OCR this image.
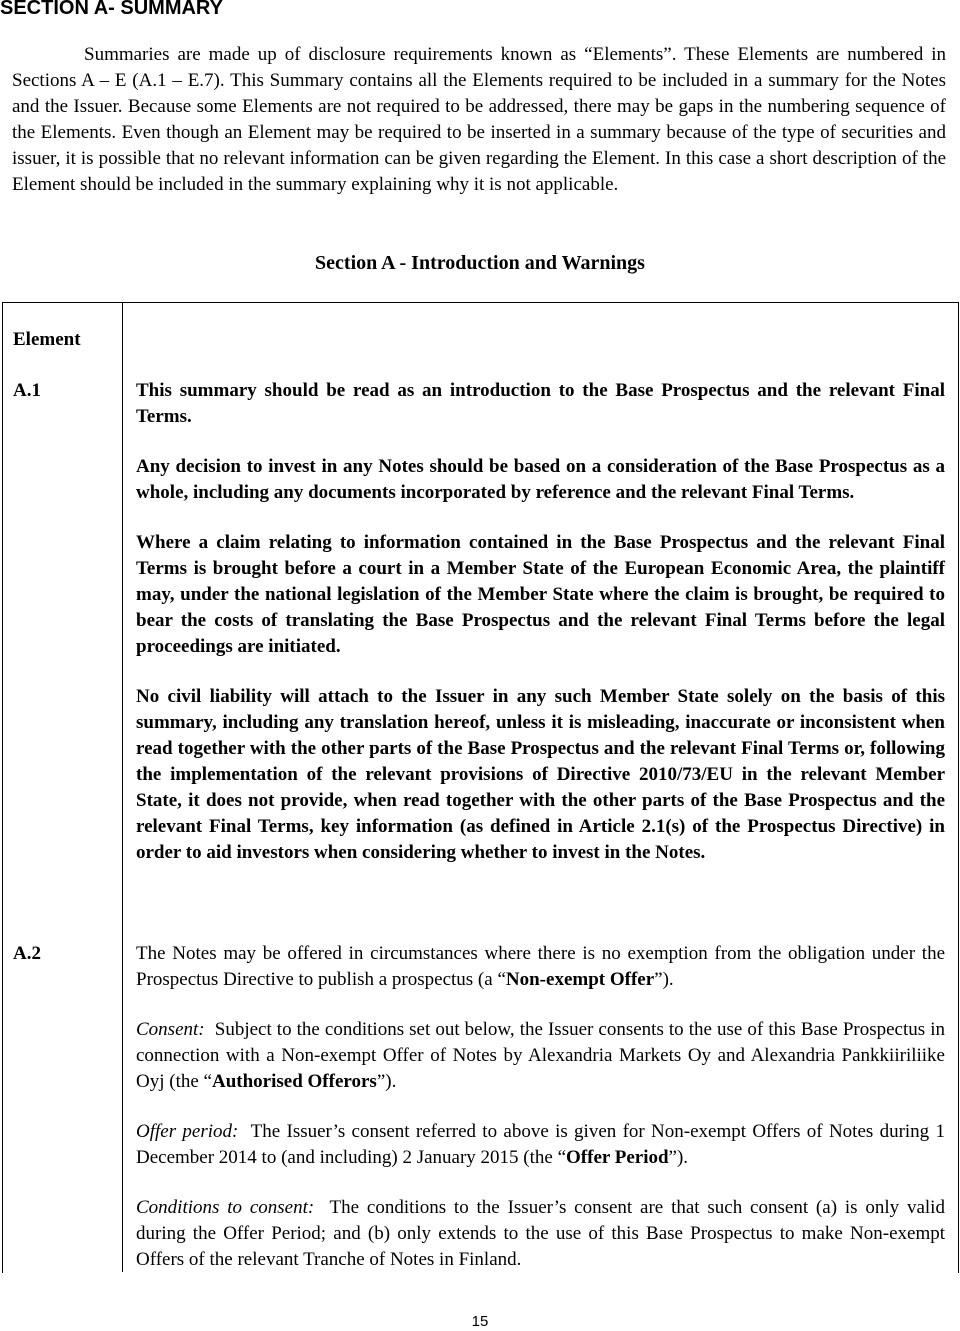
SECTION A- SUMMARY

Summaries are made up of disclosure requirements known as “Elements”. These Elements are numbered in Sections A – E (A.1 – E.7). This Summary contains all the Elements required to be included in a summary for the Notes and the Issuer. Because some Elements are not required to be addressed, there may be gaps in the numbering sequence of the Elements. Even though an Element may be required to be inserted in a summary because of the type of securities and issuer, it is possible that no relevant information can be given regarding the Element. In this case a short description of the Element should be included in the summary explaining why it is not applicable.

Section A - Introduction and Warnings
Element
A.1	This summary should be read as an introduction to the Base Prospectus and the relevant Final Terms.

Any decision to invest in any Notes should be based on a consideration of the Base Prospectus as a whole, including any documents incorporated by reference and the relevant Final Terms.

Where a claim relating to information contained in the Base Prospectus and the relevant Final Terms is brought before a court in a Member State of the European Economic Area, the plaintiff may, under the national legislation of the Member State where the claim is brought, be required to bear the costs of translating the Base Prospectus and the relevant Final Terms before the legal proceedings are initiated.

No civil liability will attach to the Issuer in any such Member State solely on the basis of this summary, including any translation hereof, unless it is misleading, inaccurate or inconsistent when read together with the other parts of the Base Prospectus and the relevant Final Terms or, following the implementation of the relevant provisions of Directive 2010/73/EU in the relevant Member State, it does not provide, when read together with the other parts of the Base Prospectus and the relevant Final Terms, key information (as defined in Article 2.1(s) of the Prospectus Directive) in order to aid investors when considering whether to invest in the Notes.

A.2	The Notes may be offered in circumstances where there is no exemption from the obligation under the Prospectus Directive to publish a prospectus (a “Non-exempt Offer”).

Consent: Subject to the conditions set out below, the Issuer consents to the use of this Base Prospectus in connection with a Non-exempt Offer of Notes by Alexandria Markets Oy and Alexandria Pankkiiriliike Oyj (the “Authorised Offerors”).

Offer period: The Issuer’s consent referred to above is given for Non-exempt Offers of Notes during 1 December 2014 to (and including) 2 January 2015 (the “Offer Period”).

Conditions to consent: The conditions to the Issuer’s consent are that such consent (a) is only valid during the Offer Period; and (b) only extends to the use of this Base Prospectus to make Non-exempt Offers of the relevant Tranche of Notes in Finland.

15
